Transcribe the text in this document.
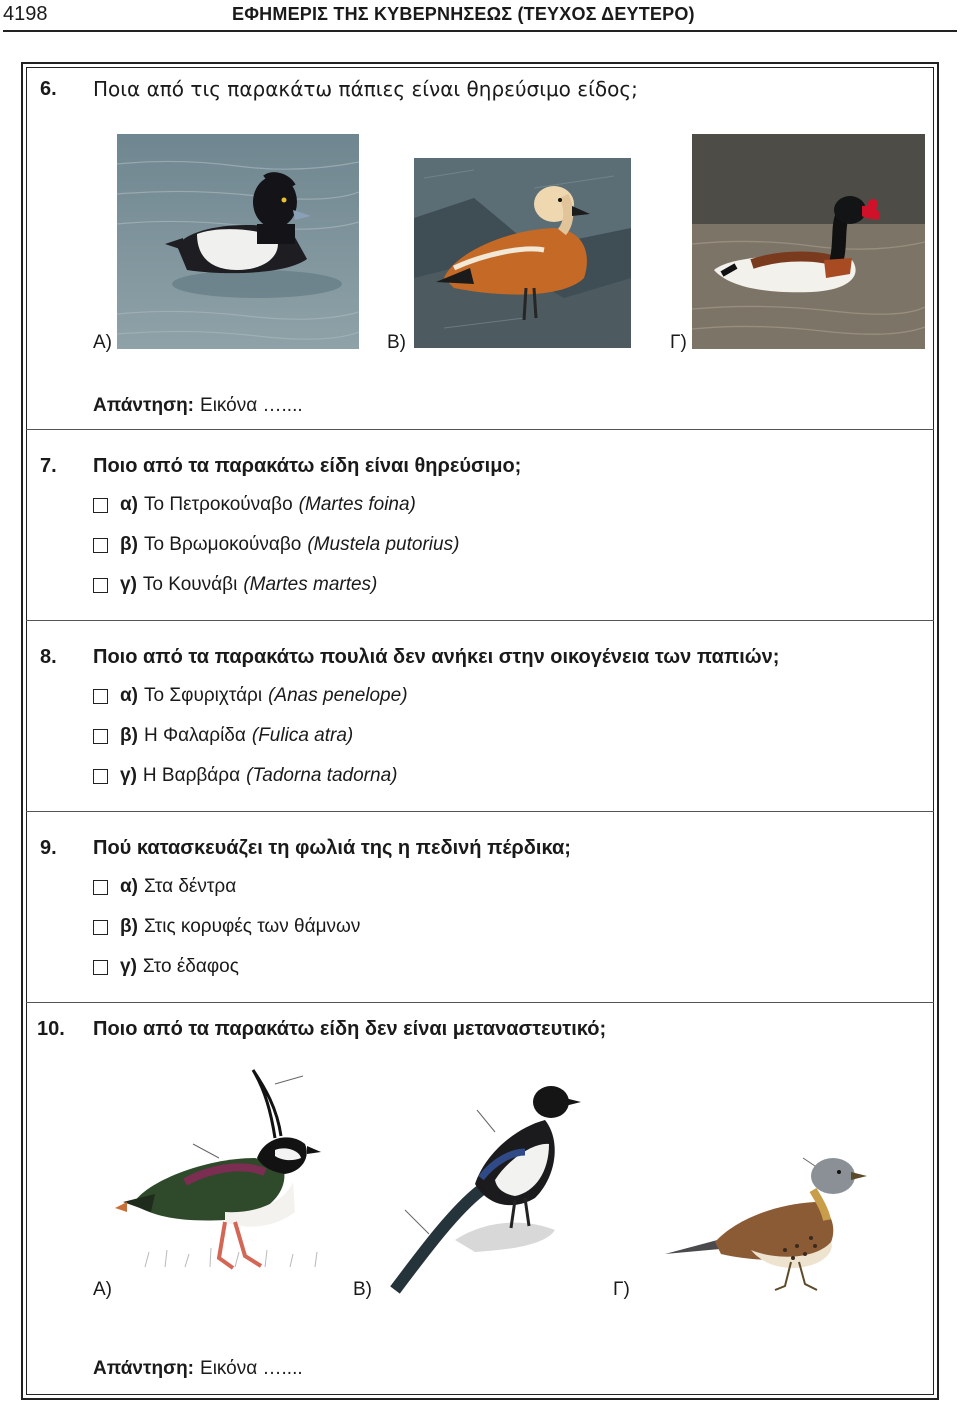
4198	ΕΦΗΜΕΡΙΣ ΤΗΣ ΚΥΒΕΡΝΗΣΕΩΣ (ΤΕΥΧΟΣ ΔΕΥΤΕΡΟ)
6. Ποια από τις παρακάτω πάπιες είναι θηρεύσιμο είδος;
Α)	Β)	Γ)
Απάντηση: Εικόνα …....
7. Ποιο από τα παρακάτω είδη είναι θηρεύσιμο;
α) Το Πετροκούναβο (Martes foina)
β) Το Βρωμοκούναβο (Mustela putorius)
γ) Το Κουνάβι (Martes martes)
8. Ποιο από τα παρακάτω πουλιά δεν ανήκει στην οικογένεια των παπιών;
α) Το Σφυριχτάρι (Anas penelope)
β) Η Φαλαρίδα (Fulica atra)
γ) Η Βαρβάρα (Tadorna tadorna)
9. Πού κατασκευάζει τη φωλιά της η πεδινή πέρδικα;
α) Στα δέντρα
β) Στις κορυφές των θάμνων
γ) Στο έδαφος
10. Ποιο από τα παρακάτω είδη δεν είναι μεταναστευτικό;
Α)	Β)	Γ)
Απάντηση: Εικόνα …....
